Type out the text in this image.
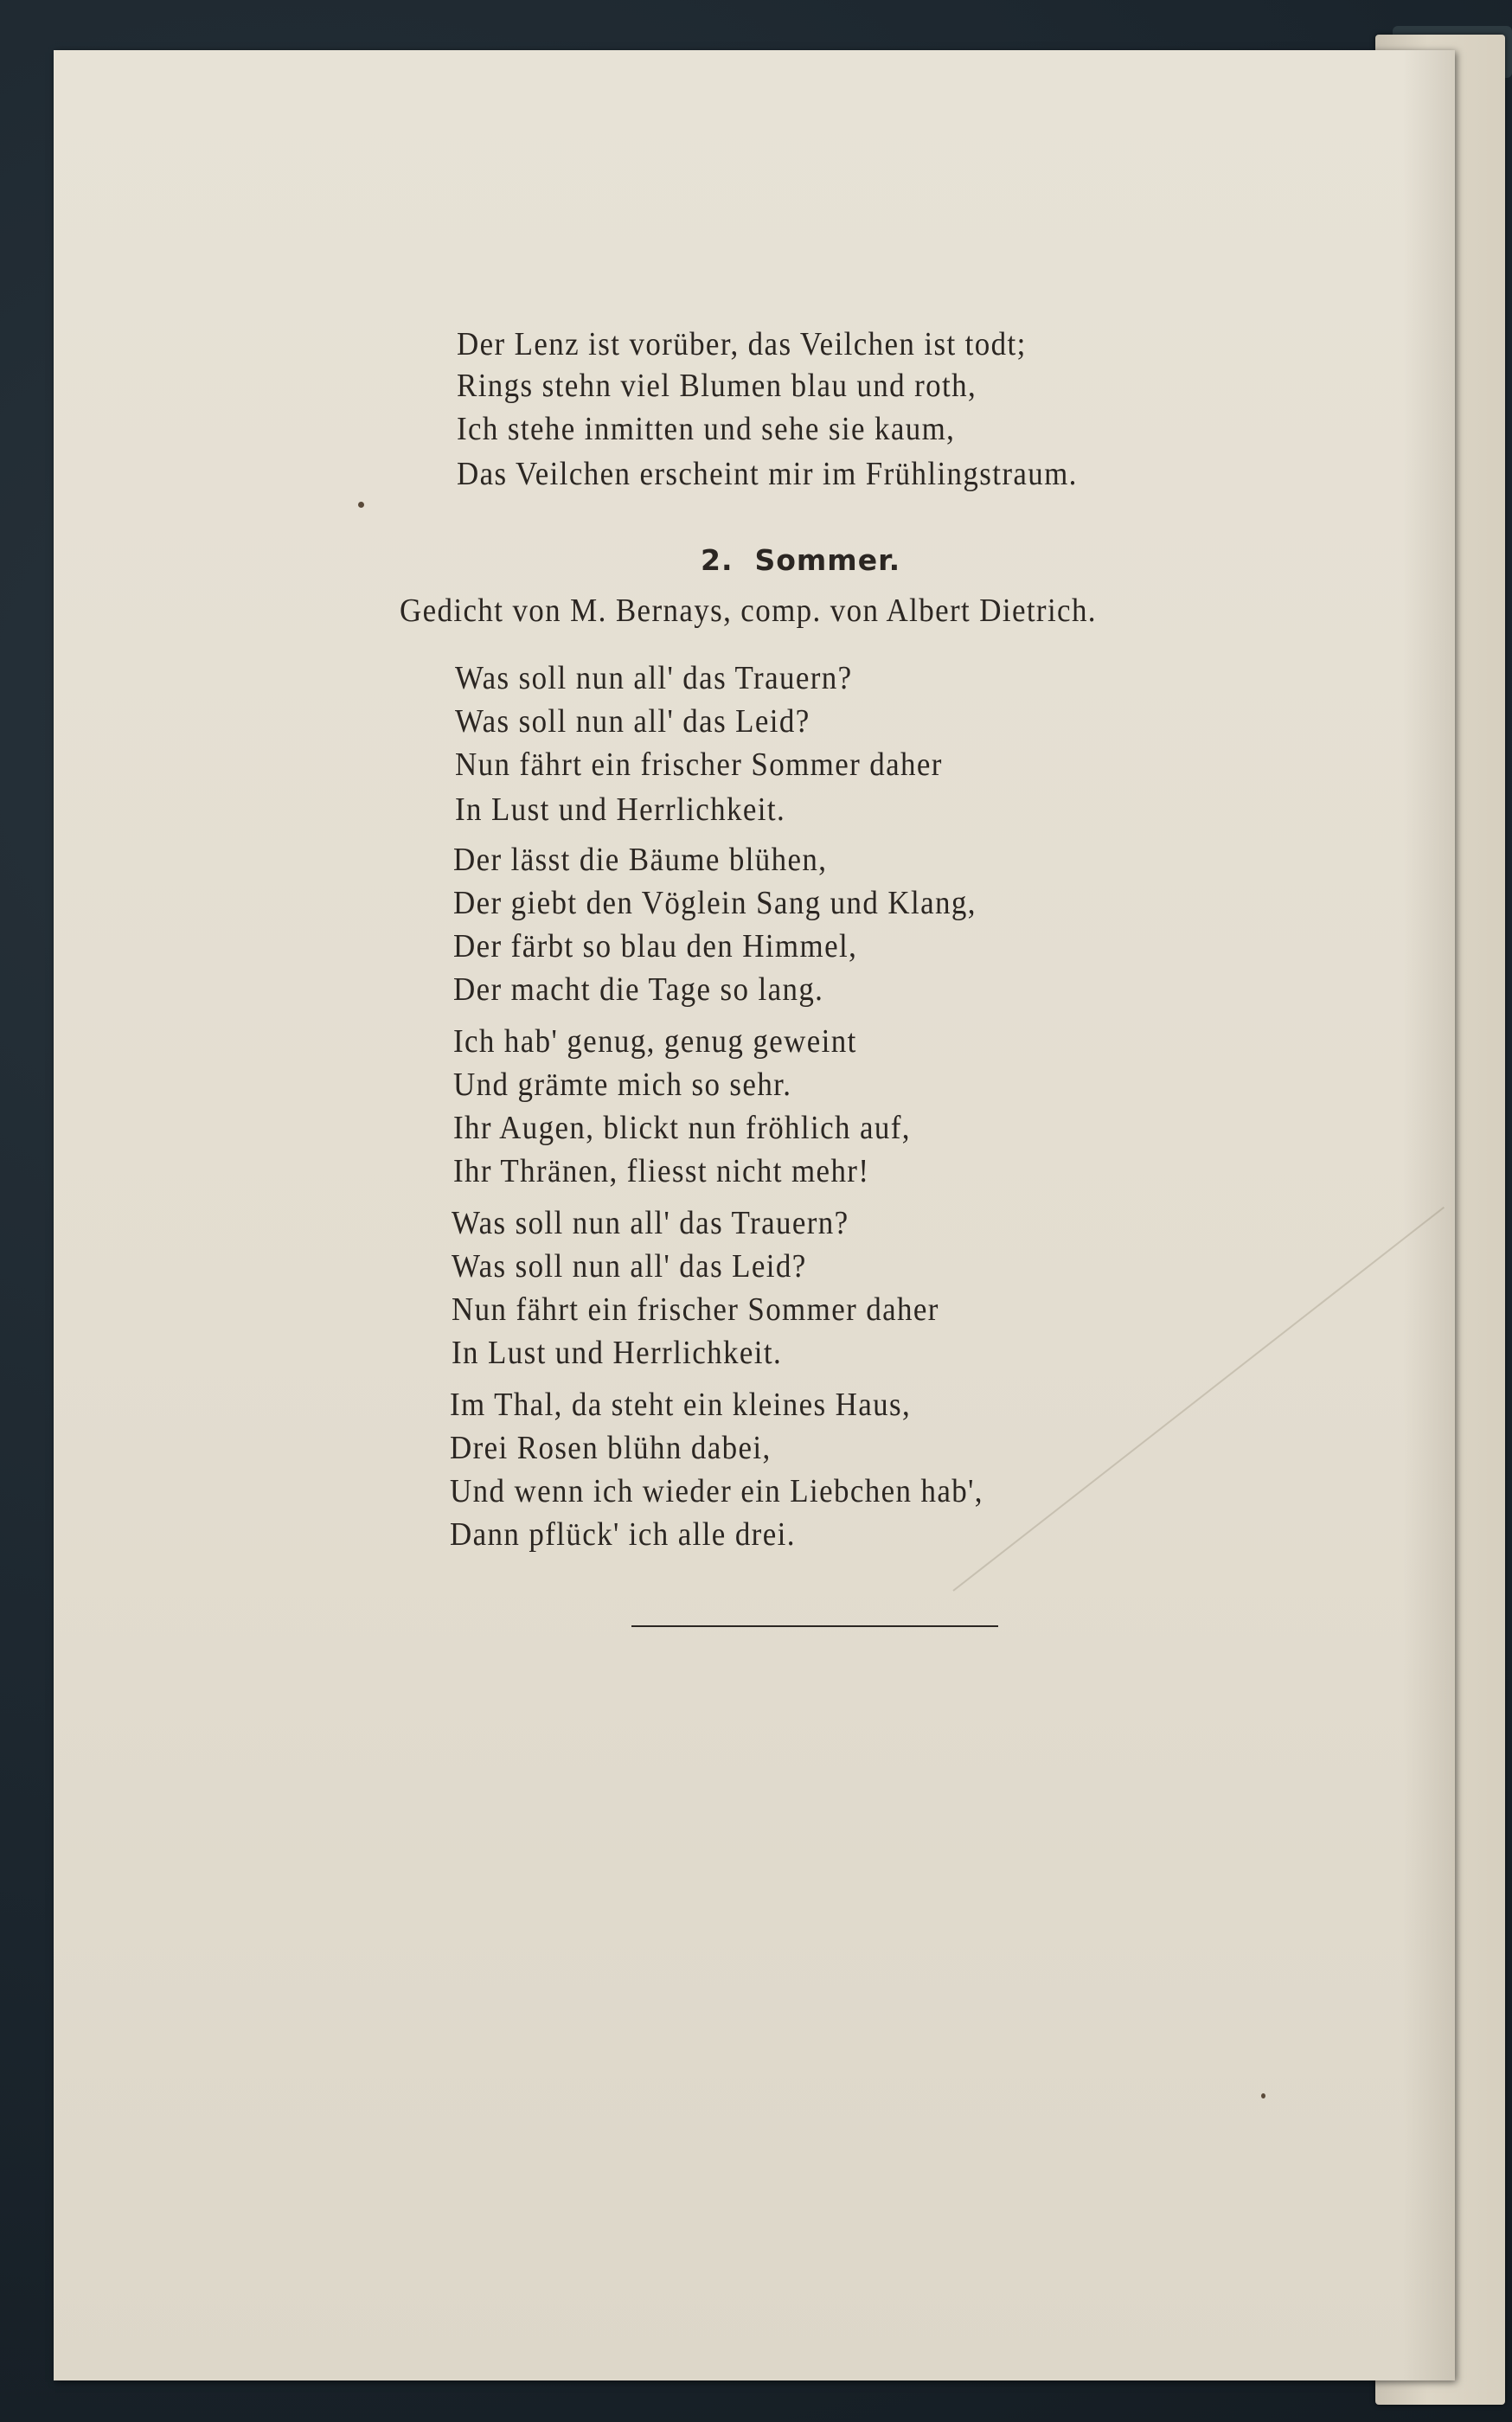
Der Lenz ist vorüber, das Veilchen ist todt;
Rings stehn viel Blumen blau und roth,
Ich stehe inmitten und sehe sie kaum,
Das Veilchen erscheint mir im Frühlingstraum.
2. Sommer.
Gedicht von M. Bernays, comp. von Albert Dietrich.
Was soll nun all' das Trauern?
Was soll nun all' das Leid?
Nun fährt ein frischer Sommer daher
In Lust und Herrlichkeit.
Der lässt die Bäume blühen,
Der giebt den Vöglein Sang und Klang,
Der färbt so blau den Himmel,
Der macht die Tage so lang.
Ich hab' genug, genug geweint
Und grämte mich so sehr.
Ihr Augen, blickt nun fröhlich auf,
Ihr Thränen, fliesst nicht mehr!
Was soll nun all' das Trauern?
Was soll nun all' das Leid?
Nun fährt ein frischer Sommer daher
In Lust und Herrlichkeit.
Im Thal, da steht ein kleines Haus,
Drei Rosen blühn dabei,
Und wenn ich wieder ein Liebchen hab',
Dann pflück' ich alle drei.
